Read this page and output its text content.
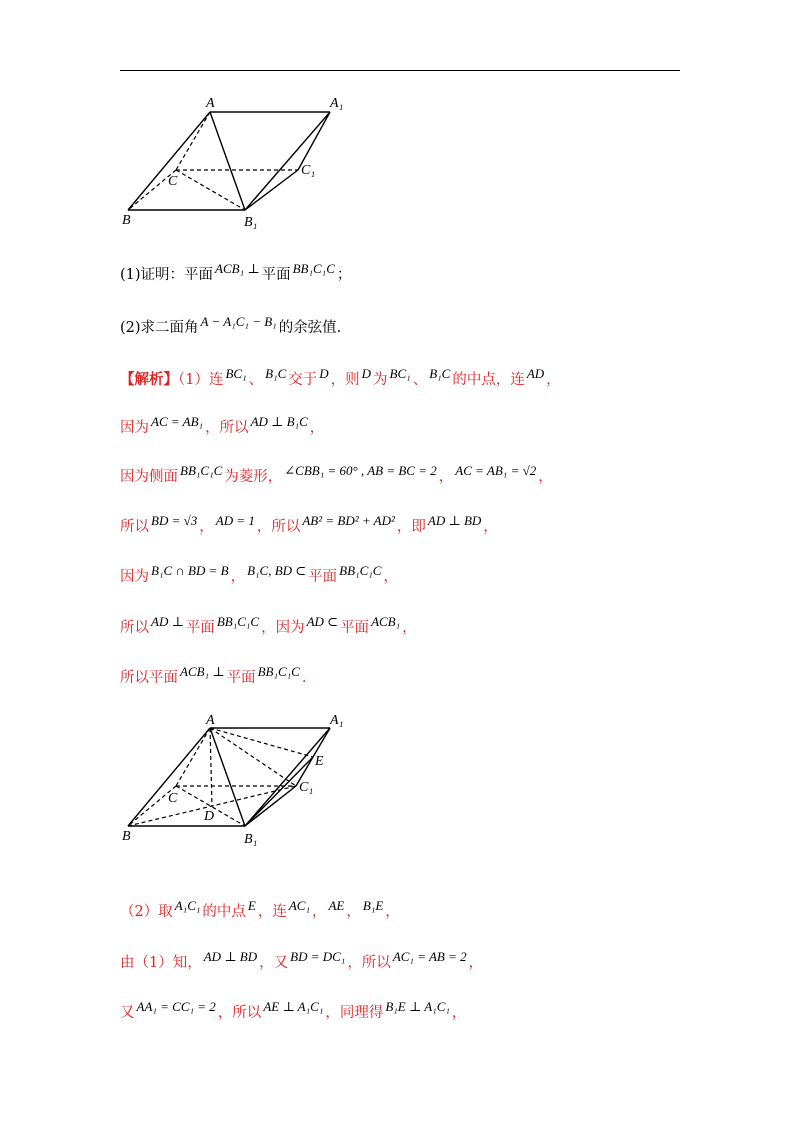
A	A₁
C
C₁
B	B₁
(1)证明：平面 ACB₁ ⊥ 平面 BB₁C₁C ；
(2)求二面角 A − A₁C₁ − B₁ 的余弦值.
【解析】（1）连 BC₁ 、 B₁C 交于 D ，则 D 为 BC₁ 、 B₁C 的中点，连 AD ，
因为 AC = AB₁ ，所以 AD ⊥ B₁C ，
因为侧面 BB₁C₁C 为菱形， ∠CBB₁ = 60° , AB = BC = 2 ， AC = AB₁ = √2 ，
所以 BD = √3 ， AD = 1 ，所以 AB² = BD² + AD² ，即 AD ⊥ BD ，
因为 B₁C ∩ BD = B ， B₁C, BD ⊂ 平面 BB₁C₁C ，
所以 AD ⊥ 平面 BB₁C₁C ，因为 AD ⊂ 平面 ACB₁ ，
所以平面 ACB₁ ⊥ 平面 BB₁C₁C .
A	A₁
E
C
C₁
D
B	B₁
（2）取 A₁C₁ 的中点 E ，连 AC₁ ， AE ， B₁E ，
由（1）知， AD ⊥ BD ，又 BD = DC₁ ，所以 AC₁ = AB = 2 ，
又 AA₁ = CC₁ = 2 ，所以 AE ⊥ A₁C₁ ，同理得 B₁E ⊥ A₁C₁ ，
